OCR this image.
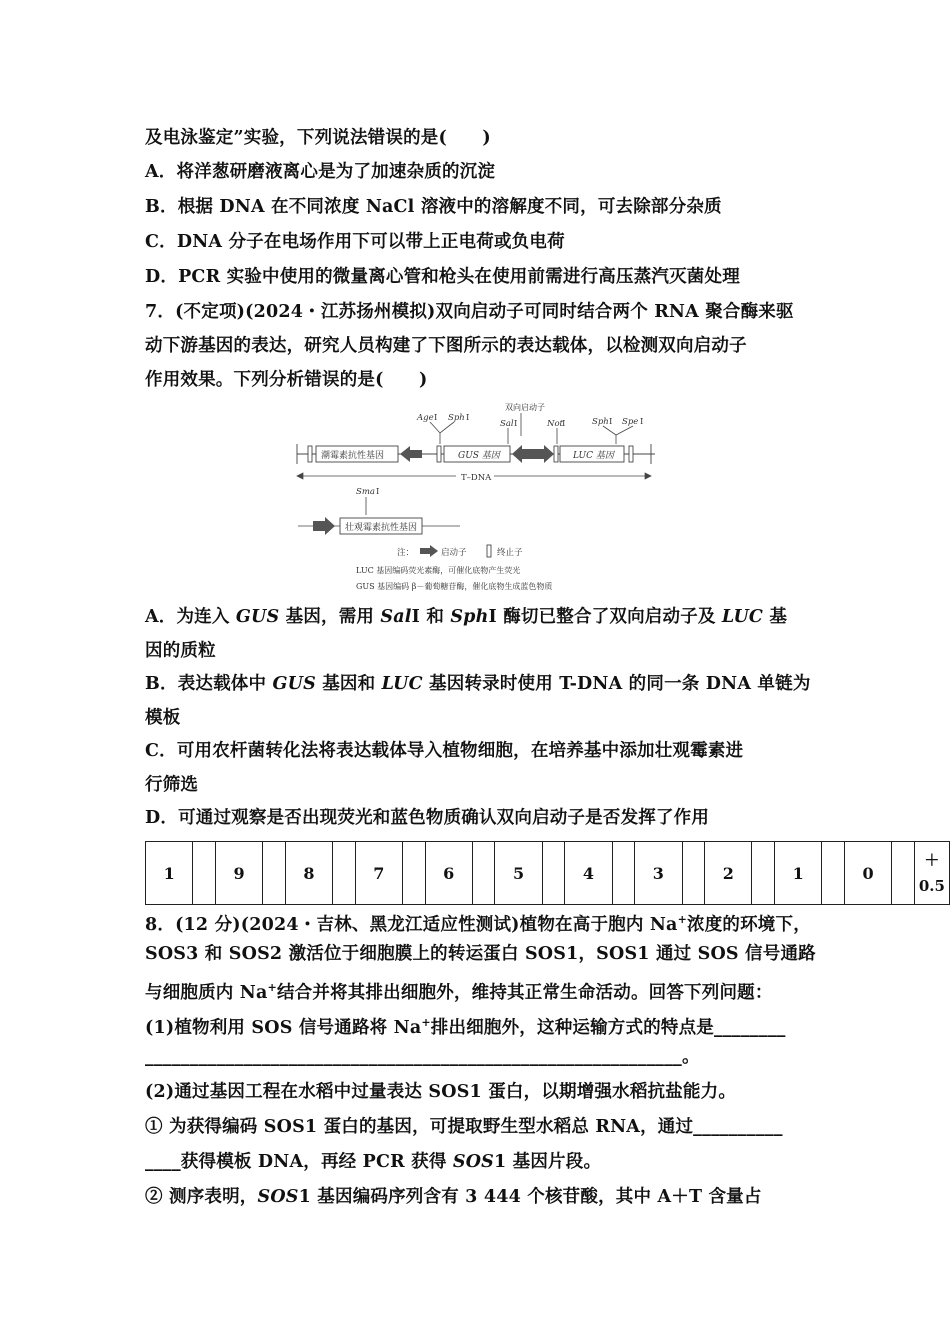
及电泳鉴定”实验，下列说法错误的是(　　)
A．将洋葱研磨液离心是为了加速杂质的沉淀
B．根据 DNA 在不同浓度 NaCl 溶液中的溶解度不同，可去除部分杂质
C．DNA 分子在电场作用下可以带上正电荷或负电荷
D．PCR 实验中使用的微量离心管和枪头在使用前需进行高压蒸汽灭菌处理
7．(不定项)(2024・江苏扬州模拟)双向启动子可同时结合两个 RNA 聚合酶来驱
动下游基因的表达，研究人员构建了下图所示的表达载体，以检测双向启动子
作用效果。下列分析错误的是(　　)
Age Ⅰ Sph Ⅰ
双向启动子
Sal Ⅰ	Not Ⅰ	Sph Ⅰ Spe Ⅰ
潮霉素抗性基因	GUS 基因	LUC 基因
T–DNA
Sma Ⅰ
壮观霉素抗性基因
注：	启动子	终止子
LUC 基因编码荧光素酶，可催化底物产生荧光
GUS 基因编码 β－葡萄糖苷酶，催化底物生成蓝色物质
A．为连入 GUS 基因，需用 SalⅠ 和 SphⅠ 酶切已整合了双向启动子及 LUC 基
因的质粒
B．表达载体中 GUS 基因和 LUC 基因转录时使用 T-DNA 的同一条 DNA 单链为
模板
C．可用农杆菌转化法将表达载体导入植物细胞，在培养基中添加壮观霉素进
行筛选
D．可通过观察是否出现荧光和蓝色物质确认双向启动子是否发挥了作用
1		9		8		7		6		5		4		3		2		1		0		＋
0.5
8．(12 分)(2024・吉林、黑龙江适应性测试)植物在高于胞内 Na+浓度的环境下，
SOS3 和 SOS2 激活位于细胞膜上的转运蛋白 SOS1，SOS1 通过 SOS 信号通路
与细胞质内 Na+结合并将其排出细胞外，维持其正常生命活动。回答下列问题：
(1)植物利用 SOS 信号通路将 Na+排出细胞外，这种运输方式的特点是________
____________________________________________________________。
(2)通过基因工程在水稻中过量表达 SOS1 蛋白，以期增强水稻抗盐能力。
① 为获得编码 SOS1 蛋白的基因，可提取野生型水稻总 RNA，通过__________
____获得模板 DNA，再经 PCR 获得 SOS1 基因片段。
② 测序表明，SOS1 基因编码序列含有 3 444 个核苷酸，其中 A＋T 含量占
